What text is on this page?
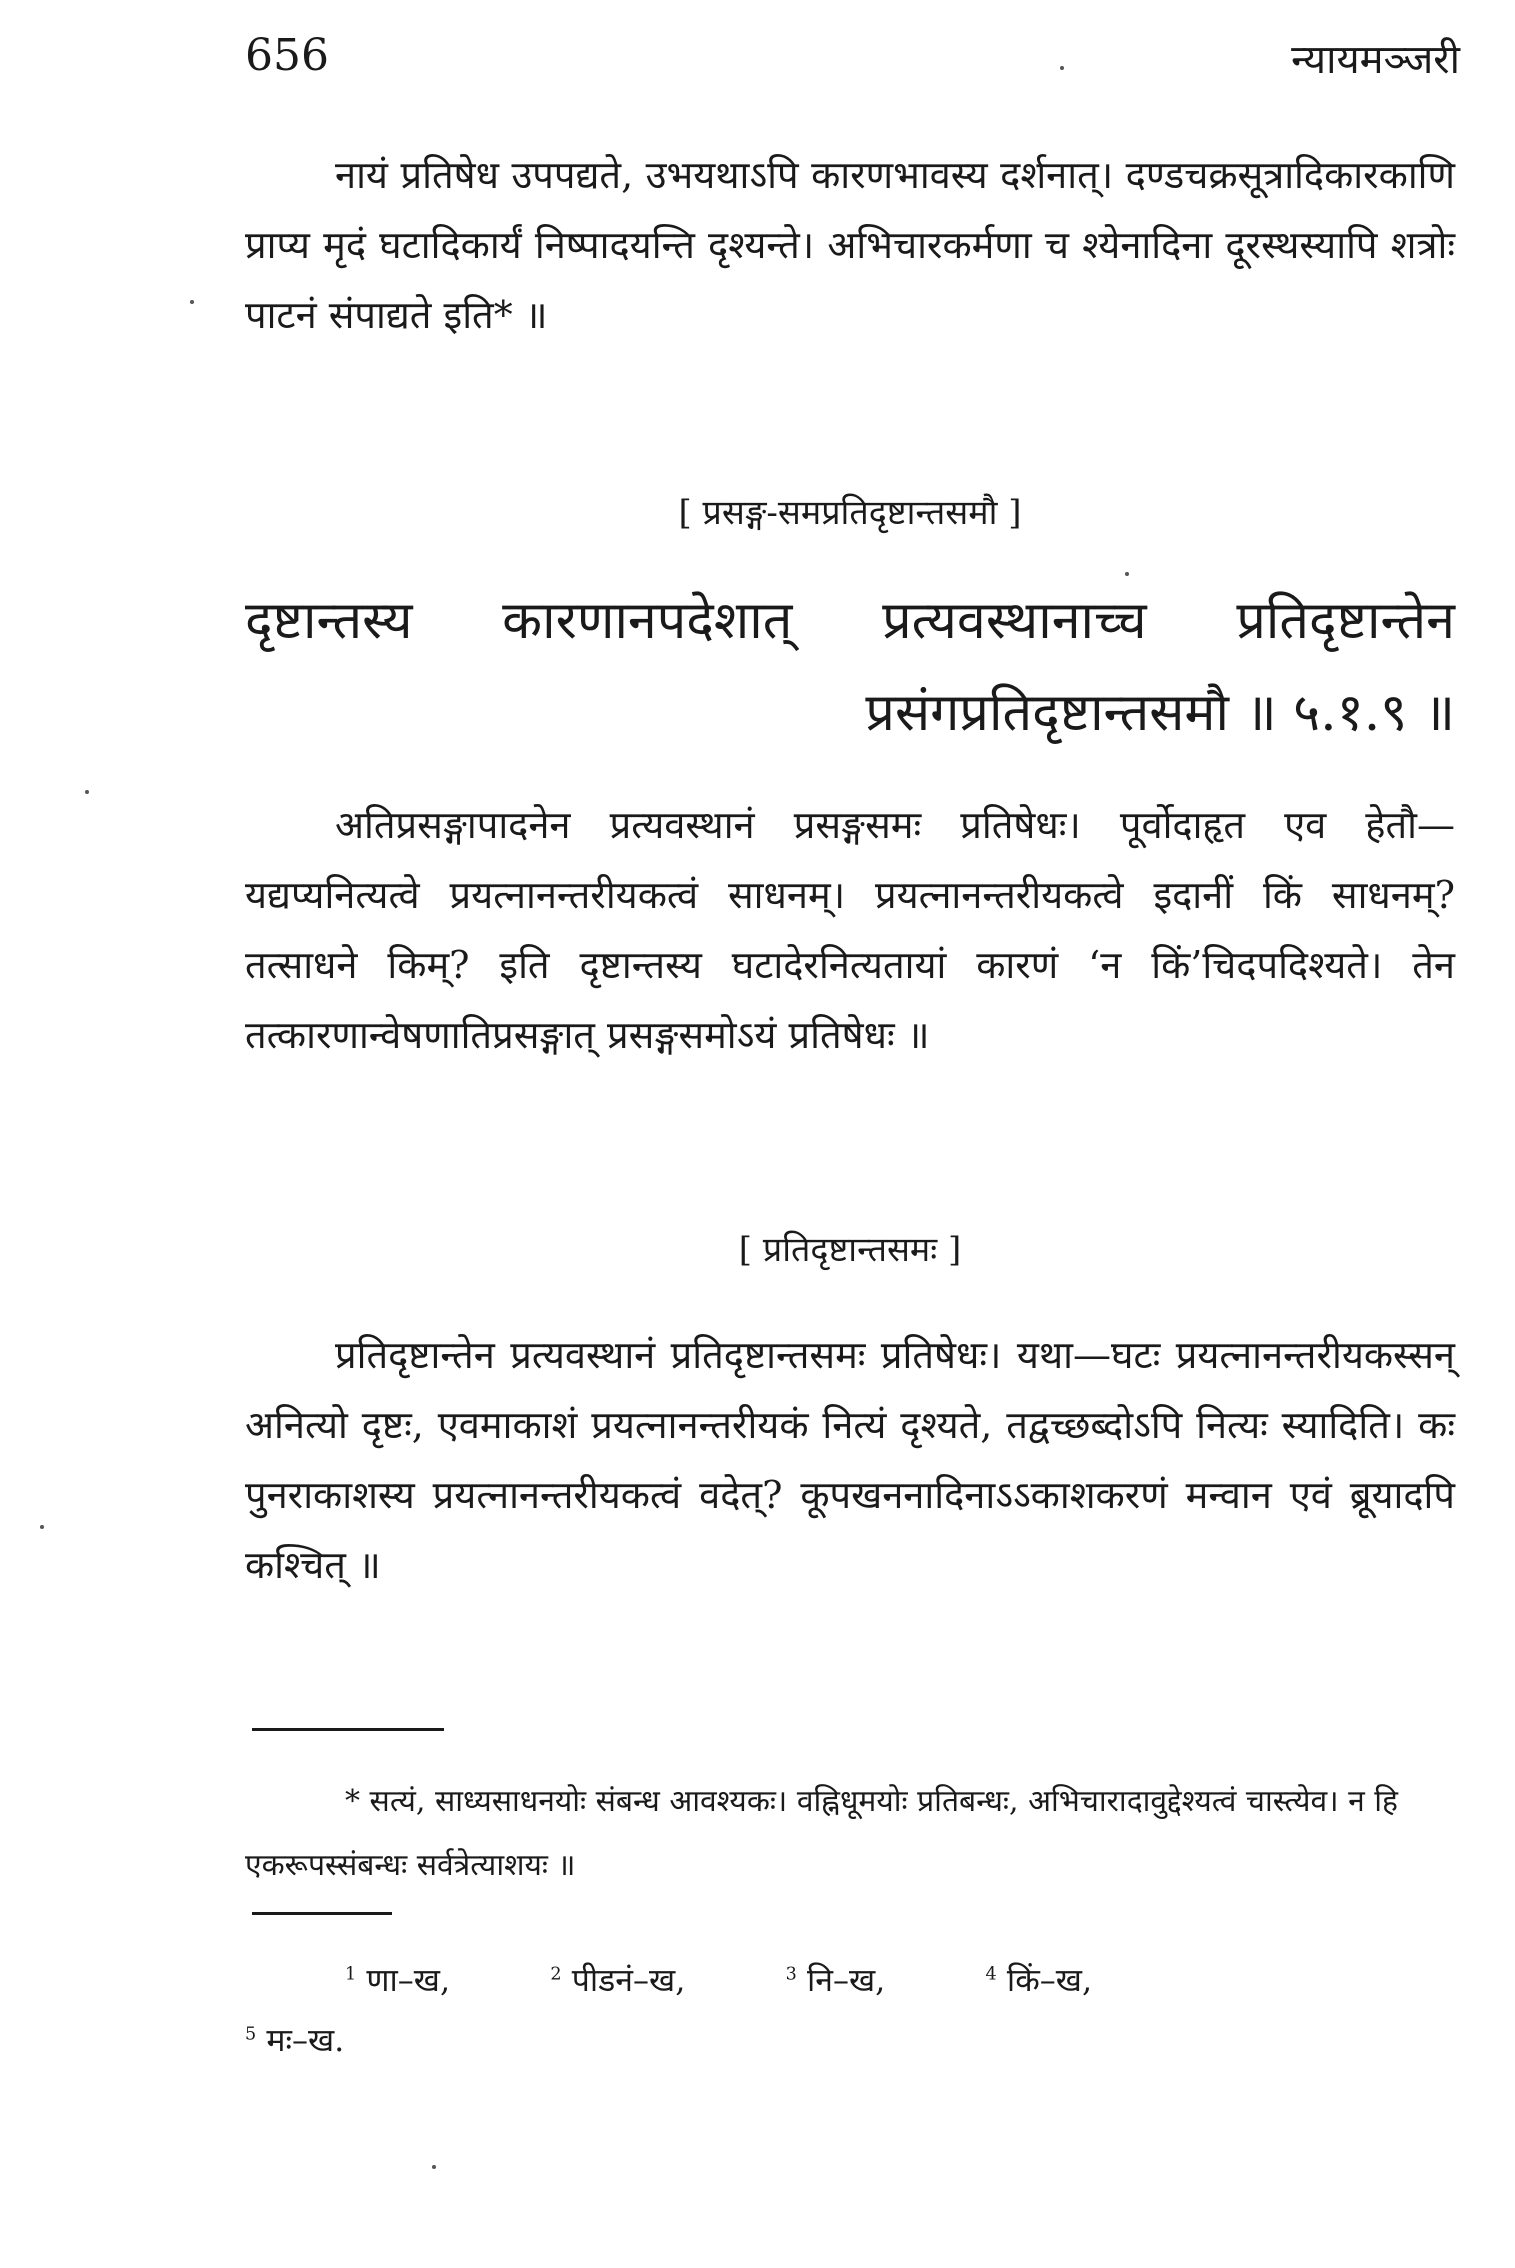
656	न्यायमञ्जरी

नायं प्रतिषेध उपपद्यते, उभयथाऽपि कारणभावस्य दर्शनात्। दण्डचक्रसूत्रादिकारकाणि प्राप्य मृदं घटादिकार्यं निष्पादयन्ति दृश्यन्ते। अभिचारकर्मणा च श्येनादिना दूरस्थस्यापि शत्रोः पाटनं संपाद्यते इति* ॥

[ प्रसङ्ग-समप्रतिदृष्टान्तसमौ ]

दृष्टान्तस्य कारणानपदेशात् प्रत्यवस्थानाच्च प्रतिदृष्टान्तेन
प्रसंगप्रतिदृष्टान्तसमौ ॥ ५.१.९ ॥

अतिप्रसङ्गापादनेन प्रत्यवस्थानं प्रसङ्गसमः प्रतिषेधः। पूर्वोदाहृत एव हेतौ—यद्यप्यनित्यत्वे प्रयत्नानन्तरीयकत्वं साधनम्। प्रयत्नानन्तरीयकत्वे इदानीं किं साधनम्? तत्साधने किम्? इति दृष्टान्तस्य घटादेरनित्यतायां कारणं ‘न किं’चिदपदिश्यते। तेन तत्कारणान्वेषणातिप्रसङ्गात् प्रसङ्गसमोऽयं प्रतिषेधः ॥

[ प्रतिदृष्टान्तसमः ]

प्रतिदृष्टान्तेन प्रत्यवस्थानं प्रतिदृष्टान्तसमः प्रतिषेधः। यथा—घटः प्रयत्नानन्तरीयकस्सन् अनित्यो दृष्टः, एवमाकाशं प्रयत्नानन्तरीयकं नित्यं दृश्यते, तद्वच्छब्दोऽपि नित्यः स्यादिति। कः पुनराकाशस्य प्रयत्नानन्तरीयकत्वं वदेत्? कूपखननादिनाऽऽकाशकरणं मन्वान एवं ब्रूयादपि कश्चित् ॥

* सत्यं, साध्यसाधनयोः संबन्ध आवश्यकः। वह्निधूमयोः प्रतिबन्धः, अभिचारादावुद्देश्यत्वं चास्त्येव। न हि एकरूपस्संबन्धः सर्वत्रेत्याशयः ॥

$^1$ णा–ख,	$^2$ पीडनं–ख,	$^3$ नि–ख,	$^4$ किं–ख,
$^5$ मः–ख.
